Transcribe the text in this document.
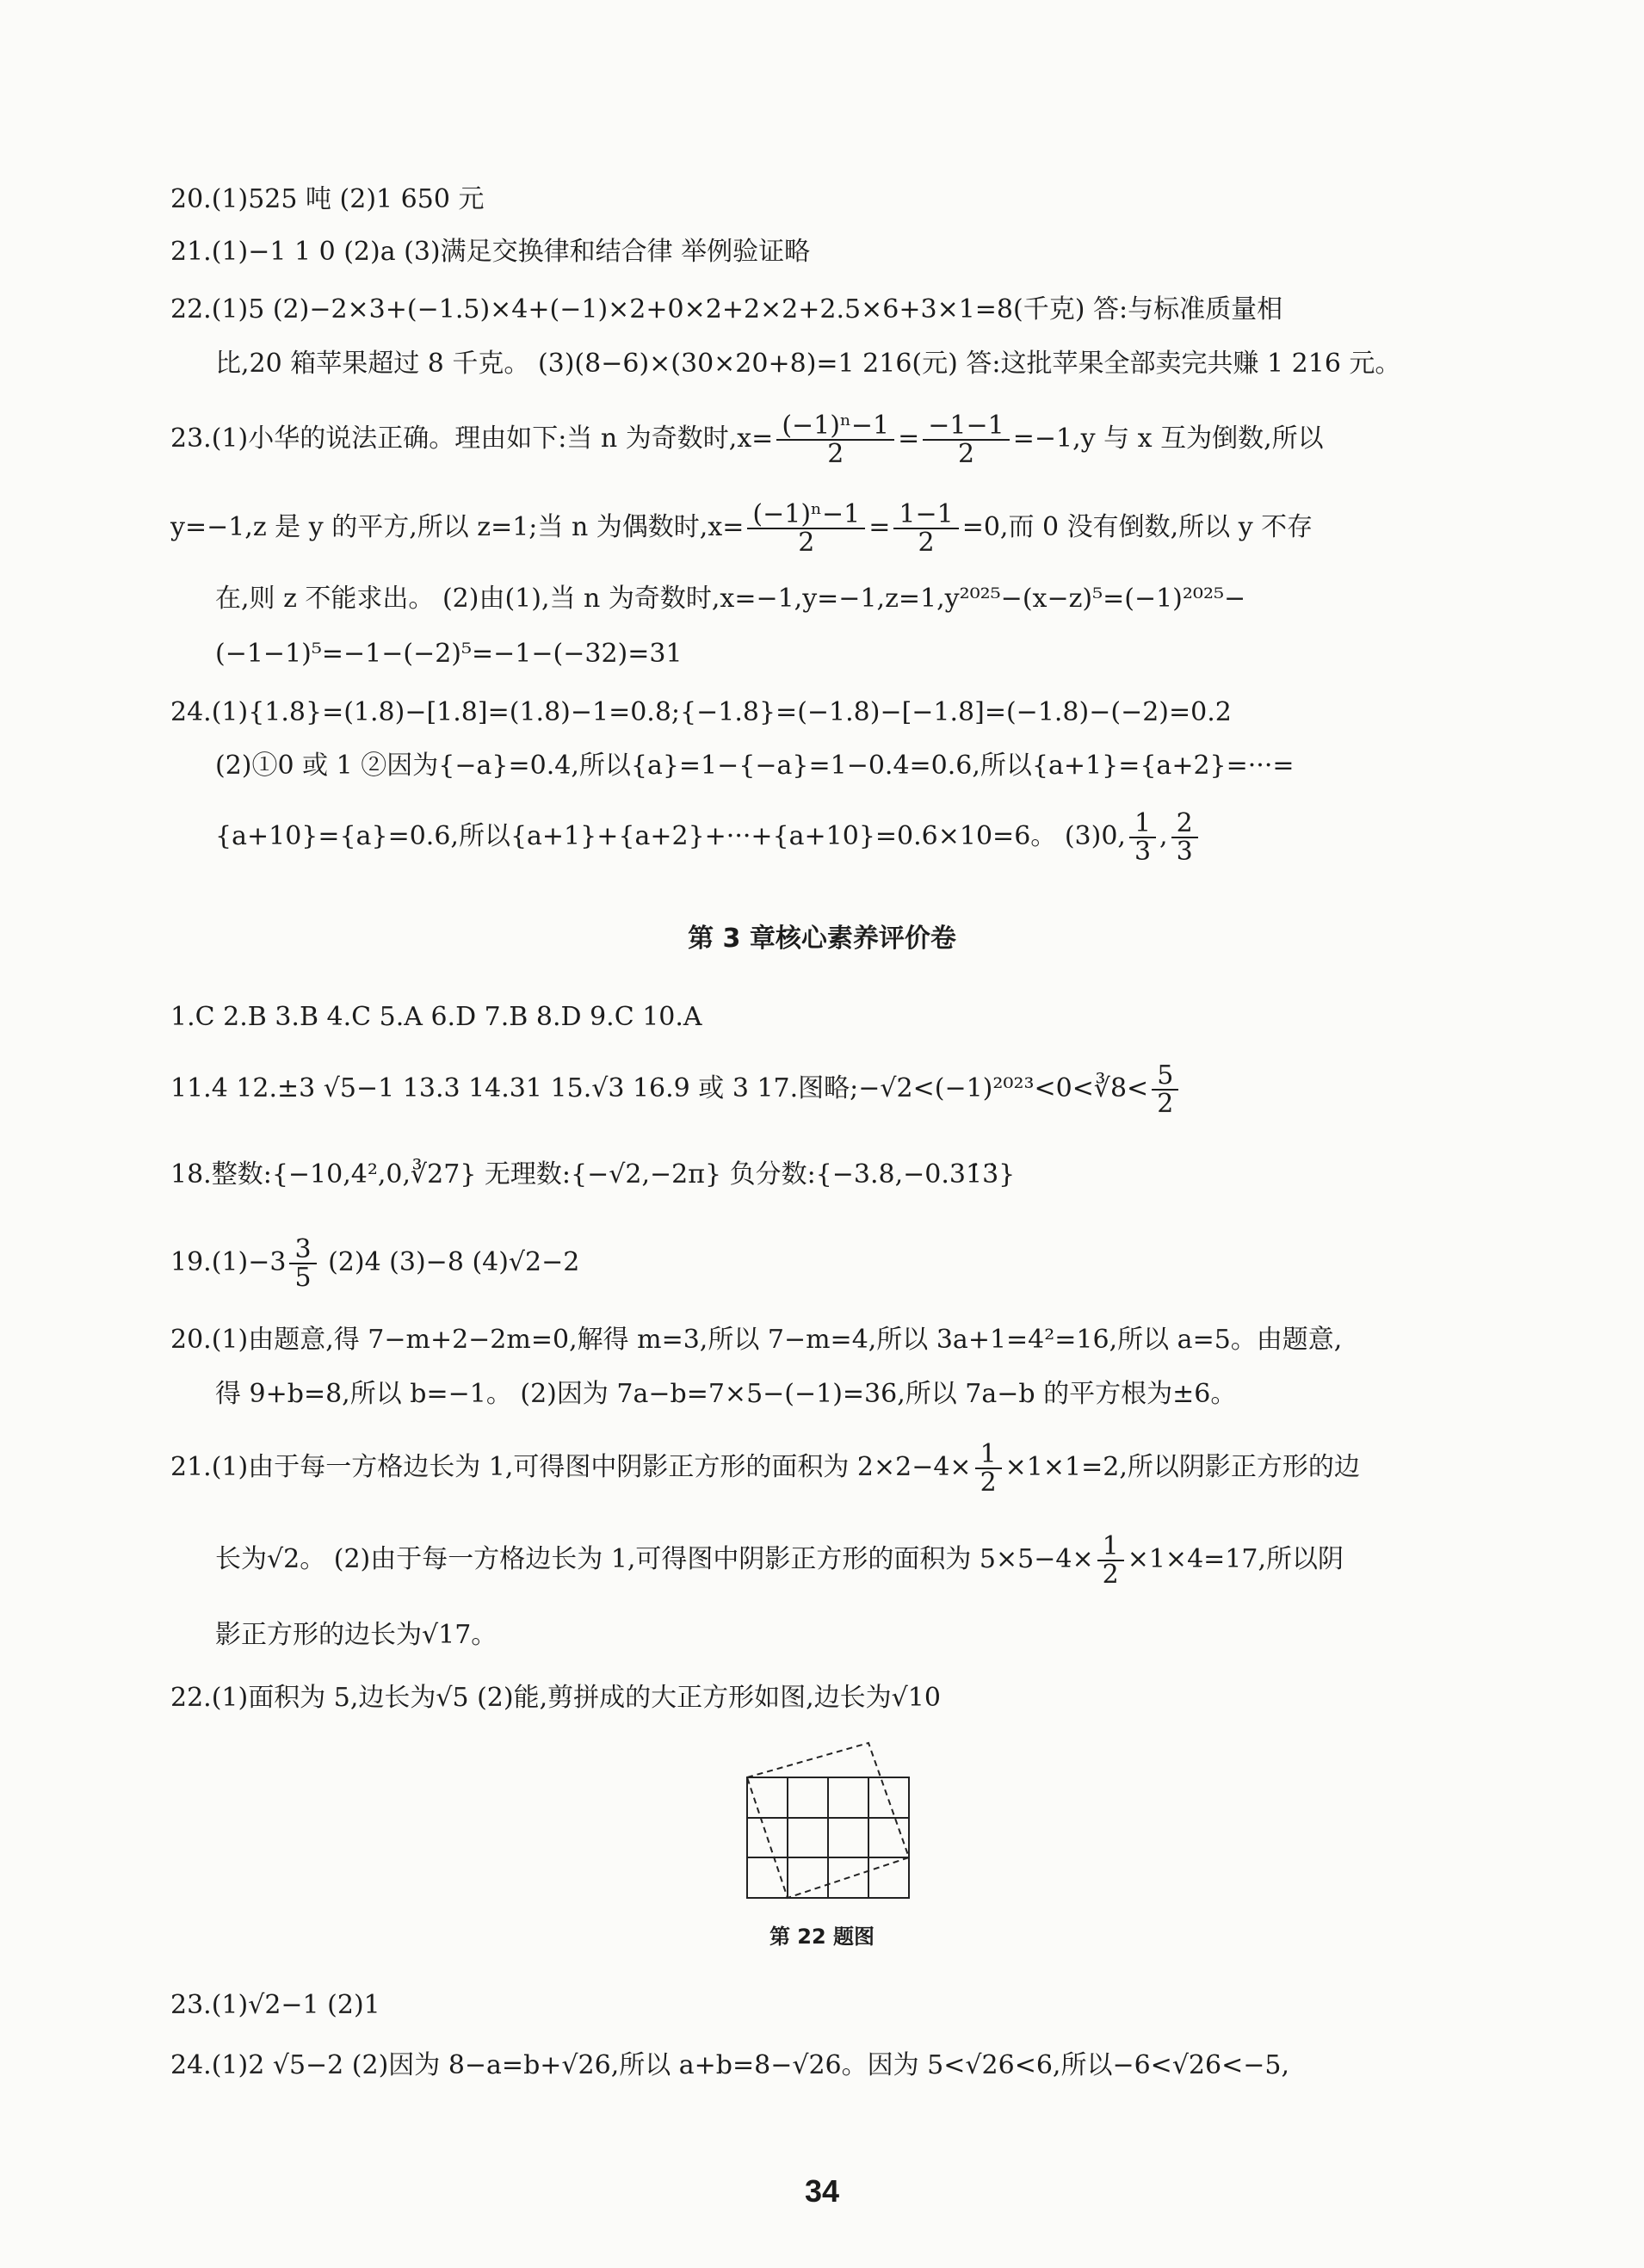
20.(1)525 吨 (2)1 650 元
21.(1)−1 1 0 (2)a (3)满足交换律和结合律 举例验证略
22.(1)5 (2)−2×3+(−1.5)×4+(−1)×2+0×2+2×2+2.5×6+3×1=8(千克) 答:与标准质量相
比,20 箱苹果超过 8 千克。 (3)(8−6)×(30×20+8)=1 216(元) 答:这批苹果全部卖完共赚 1 216 元。
23.(1)小华的说法正确。理由如下:当 n 为奇数时$,x= \frac{\text{(−1)ⁿ−1}}{2} = \frac{-1-1}{2} =-1,y$ 与 x 互为倒数,所以
y=−1,z 是 y 的平方,所以 z=1;当 n 为偶数时$,x= \frac{\text{(−1)ⁿ−1}}{2} = \frac{1-1}{2} =0$,而 0 没有倒数,所以 y 不存
在,则 z 不能求出。 (2)由(1),当 n 为奇数时,x=−1,y=−1,z=1,y²⁰²⁵−(x−z)⁵=(−1)²⁰²⁵−
(−1−1)⁵=−1−(−2)⁵=−1−(−32)=31
24.(1){1.8}=(1.8)−[1.8]=(1.8)−1=0.8;{−1.8}=(−1.8)−[−1.8]=(−1.8)−(−2)=0.2
(2)①0 或 1 ②因为{−a}=0.4,所以{a}=1−{−a}=1−0.4=0.6,所以{a+1}={a+2}=···=
{a+10}={a}=0.6,所以{a+1}+{a+2}+···+{a+10}=0.6×10=6。 (3)0, $\frac{1}{3}$ , $\frac{2}{3}$
第 3 章核心素养评价卷
1.C 2.B 3.B 4.C 5.A 6.D 7.B 8.D 9.C 10.A
11.4 12.±3 √5−1 13.3 14.31 15.√3 16.9 或 3 17.图略;−√2<(−1)²⁰²³<0<∛8< $\frac{5}{2}$
18.整数:{−10,4²,0,∛27} 无理数:{−√2,−2π} 负分数:{−3.8,−0.31̇3̇}
$19.(1)-3 \frac{3}{5} (2)4$ (3)−8 (4)√2−2
20.(1)由题意,得 7−m+2−2m=0,解得 m=3,所以 7−m=4,所以 3a+1=4²=16,所以 a=5。由题意,
得 9+b=8,所以 b=−1。 (2)因为 7a−b=7×5−(−1)=36,所以 7a−b 的平方根为±6。
21.(1)由于每一方格边长为 1,可得图中阴影正方形的面积为 $2\times 2-4\times \frac{1}{2} \times 1\times 1=2$,所以阴影正方形的边
长为√2。 (2)由于每一方格边长为 1,可得图中阴影正方形的面积为 $5\times 5-4\times \frac{1}{2} \times 1\times 4=17$,所以阴
影正方形的边长为√17。
22.(1)面积为 5,边长为√5 (2)能,剪拼成的大正方形如图,边长为√10
第 22 题图
23.(1)√2−1 (2)1
24.(1)2 √5−2 (2)因为 8−a=b+√26,所以 a+b=8−√26。因为 5<√26<6,所以−6<√26<−5,
34
